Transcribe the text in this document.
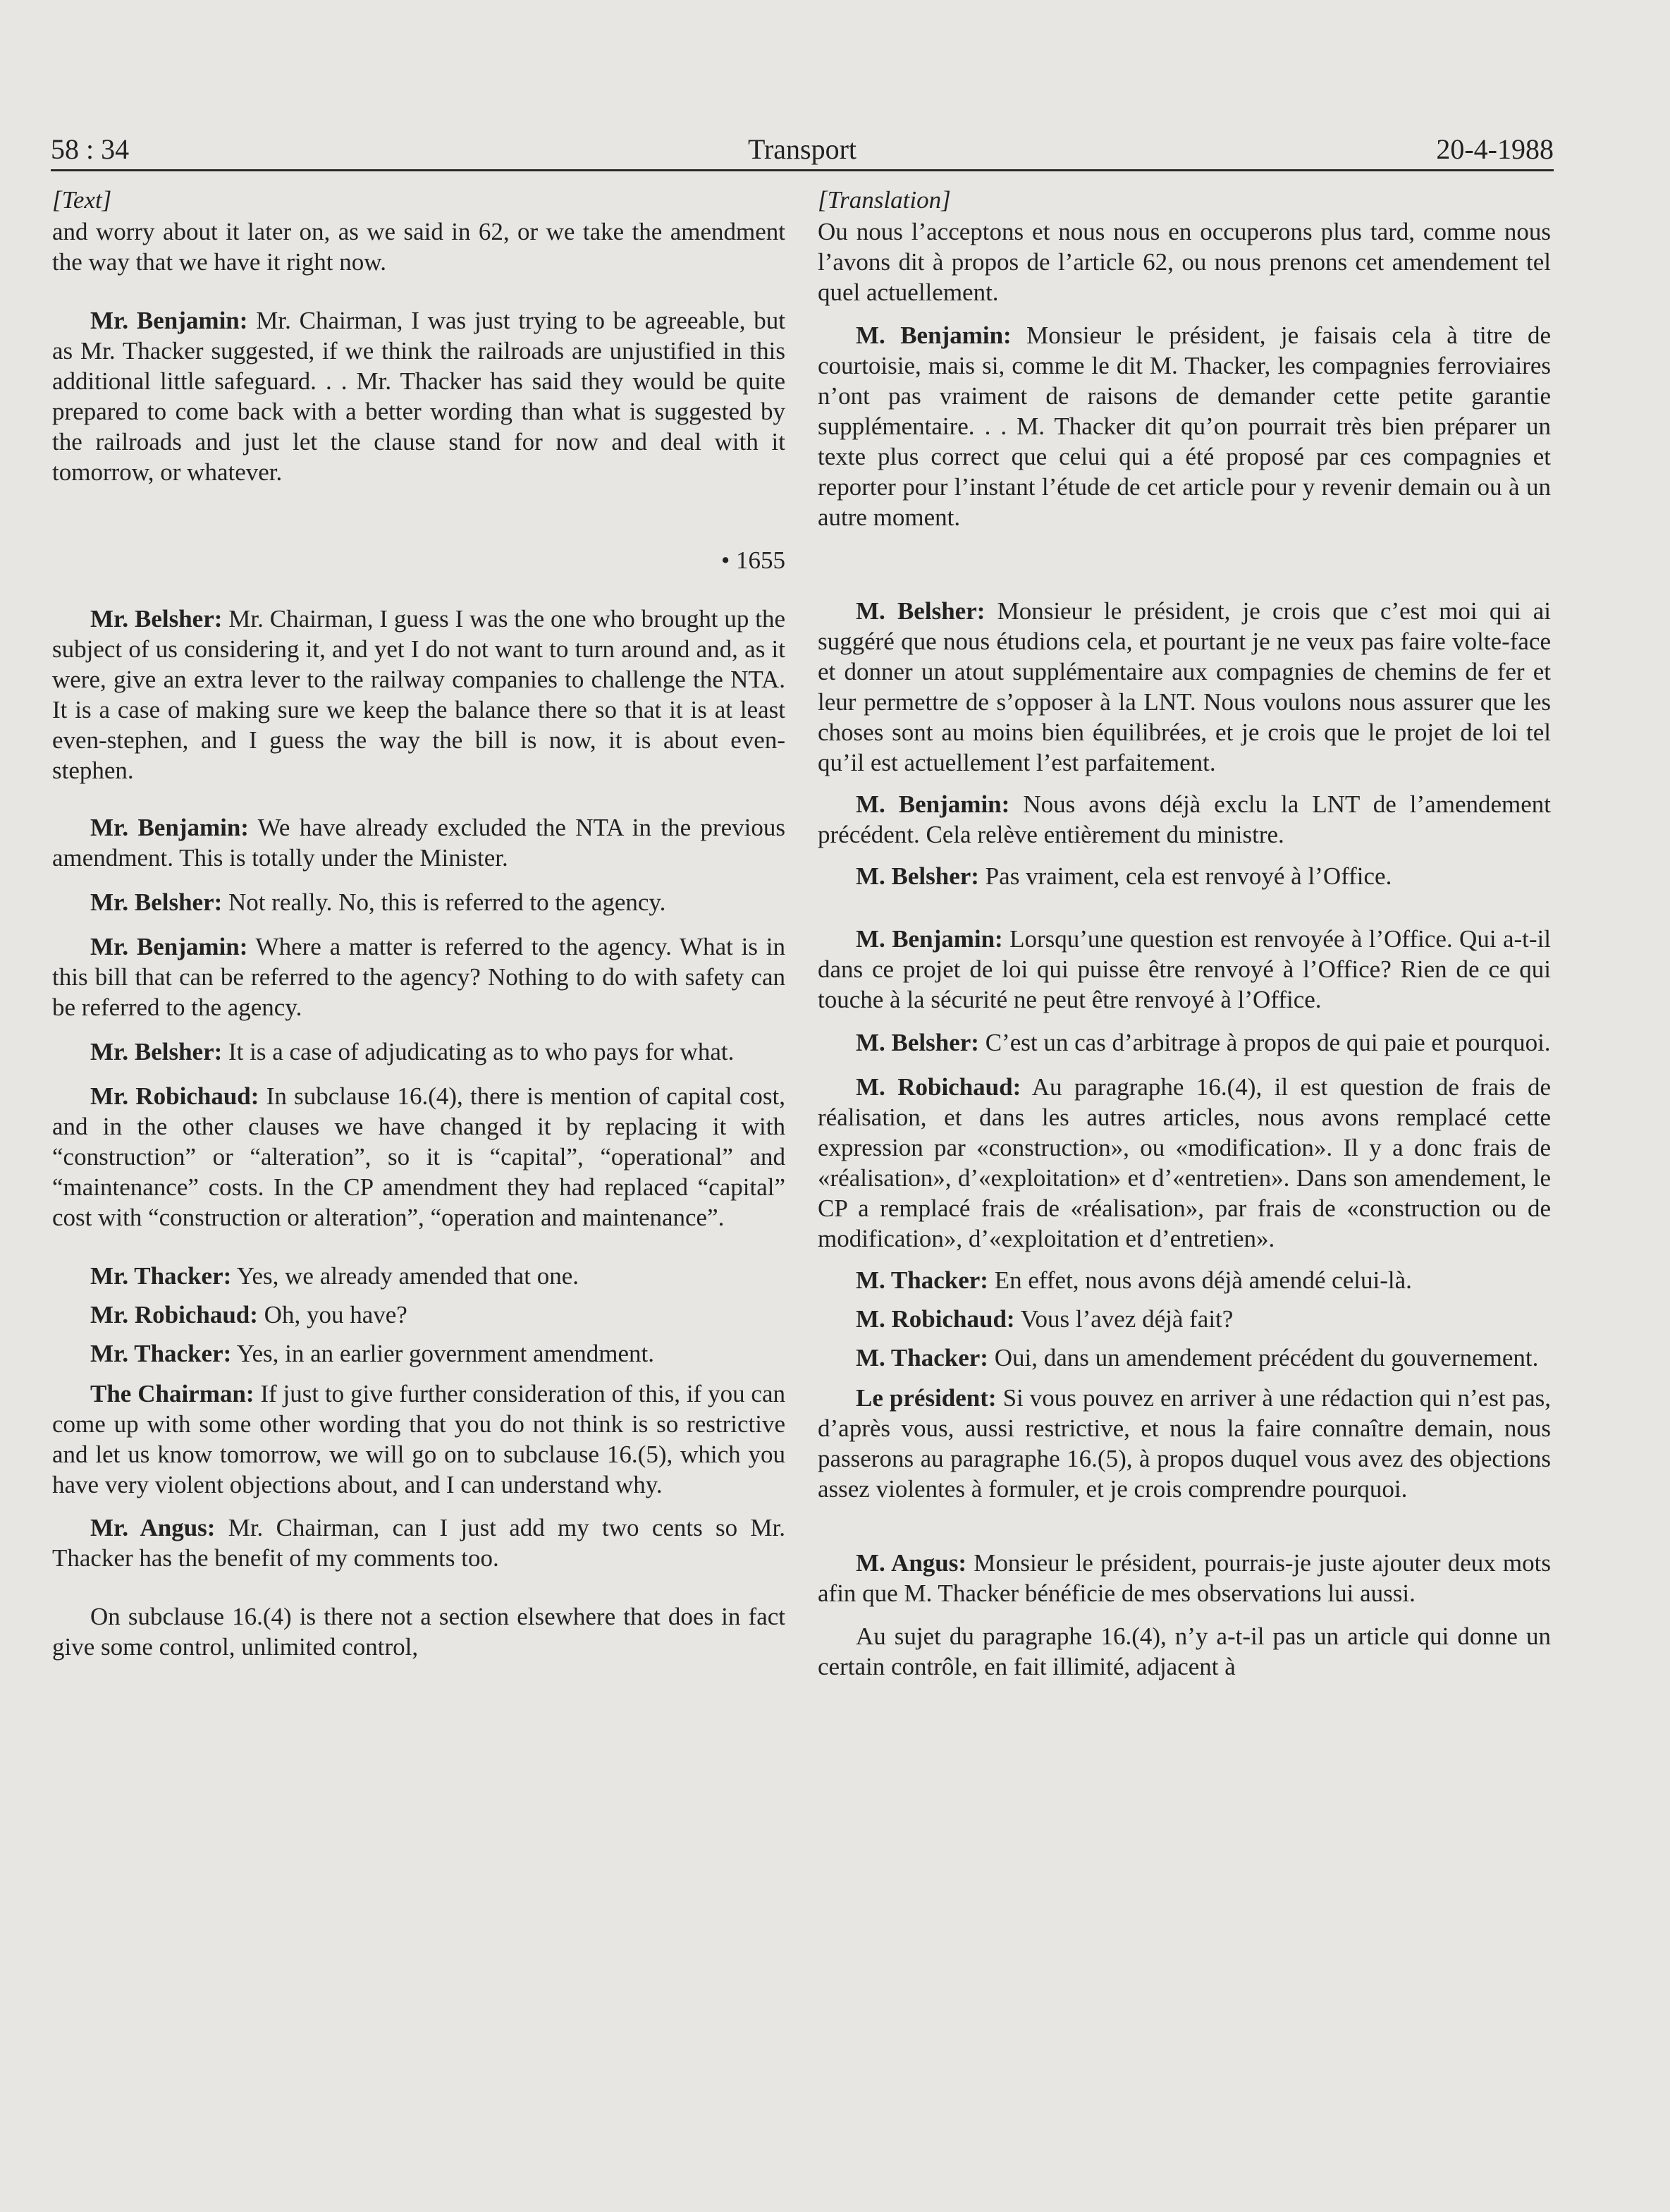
58 : 34	Transport	20-4-1988
[Text]

and worry about it later on, as we said in 62, or we take the amendment the way that we have it right now.

Mr. Benjamin: Mr. Chairman, I was just trying to be agreeable, but as Mr. Thacker suggested, if we think the railroads are unjustified in this additional little safeguard. . . Mr. Thacker has said they would be quite prepared to come back with a better wording than what is suggested by the railroads and just let the clause stand for now and deal with it tomorrow, or whatever.

• 1655

Mr. Belsher: Mr. Chairman, I guess I was the one who brought up the subject of us considering it, and yet I do not want to turn around and, as it were, give an extra lever to the railway companies to challenge the NTA. It is a case of making sure we keep the balance there so that it is at least even-stephen, and I guess the way the bill is now, it is about even-stephen.

Mr. Benjamin: We have already excluded the NTA in the previous amendment. This is totally under the Minister.

Mr. Belsher: Not really. No, this is referred to the agency.

Mr. Benjamin: Where a matter is referred to the agency. What is in this bill that can be referred to the agency? Nothing to do with safety can be referred to the agency.

Mr. Belsher: It is a case of adjudicating as to who pays for what.

Mr. Robichaud: In subclause 16.(4), there is mention of capital cost, and in the other clauses we have changed it by replacing it with “construction” or “alteration”, so it is “capital”, “operational” and “maintenance” costs. In the CP amendment they had replaced “capital” cost with “construction or alteration”, “operation and maintenance”.

Mr. Thacker: Yes, we already amended that one.

Mr. Robichaud: Oh, you have?

Mr. Thacker: Yes, in an earlier government amendment.

The Chairman: If just to give further consideration of this, if you can come up with some other wording that you do not think is so restrictive and let us know tomorrow, we will go on to subclause 16.(5), which you have very violent objections about, and I can understand why.

Mr. Angus: Mr. Chairman, can I just add my two cents so Mr. Thacker has the benefit of my comments too.

On subclause 16.(4) is there not a section elsewhere that does in fact give some control, unlimited control,

[Translation]

Ou nous l’acceptons et nous nous en occuperons plus tard, comme nous l’avons dit à propos de l’article 62, ou nous prenons cet amendement tel quel actuellement.

M. Benjamin: Monsieur le président, je faisais cela à titre de courtoisie, mais si, comme le dit M. Thacker, les compagnies ferroviaires n’ont pas vraiment de raisons de demander cette petite garantie supplémentaire. . . M. Thacker dit qu’on pourrait très bien préparer un texte plus correct que celui qui a été proposé par ces compagnies et reporter pour l’instant l’étude de cet article pour y revenir demain ou à un autre moment.

M. Belsher: Monsieur le président, je crois que c’est moi qui ai suggéré que nous étudions cela, et pourtant je ne veux pas faire volte-face et donner un atout supplémentaire aux compagnies de chemins de fer et leur permettre de s’opposer à la LNT. Nous voulons nous assurer que les choses sont au moins bien équilibrées, et je crois que le projet de loi tel qu’il est actuellement l’est parfaitement.

M. Benjamin: Nous avons déjà exclu la LNT de l’amendement précédent. Cela relève entièrement du ministre.

M. Belsher: Pas vraiment, cela est renvoyé à l’Office.

M. Benjamin: Lorsqu’une question est renvoyée à l’Office. Qui a-t-il dans ce projet de loi qui puisse être renvoyé à l’Office? Rien de ce qui touche à la sécurité ne peut être renvoyé à l’Office.

M. Belsher: C’est un cas d’arbitrage à propos de qui paie et pourquoi.

M. Robichaud: Au paragraphe 16.(4), il est question de frais de réalisation, et dans les autres articles, nous avons remplacé cette expression par «construction», ou «modification». Il y a donc frais de «réalisation», d’«exploitation» et d’«entretien». Dans son amendement, le CP a remplacé frais de «réalisation», par frais de «construction ou de modification», d’«exploitation et d’entretien».

M. Thacker: En effet, nous avons déjà amendé celui-là.

M. Robichaud: Vous l’avez déjà fait?

M. Thacker: Oui, dans un amendement précédent du gouvernement.

Le président: Si vous pouvez en arriver à une rédaction qui n’est pas, d’après vous, aussi restrictive, et nous la faire connaître demain, nous passerons au paragraphe 16.(5), à propos duquel vous avez des objections assez violentes à formuler, et je crois comprendre pourquoi.

M. Angus: Monsieur le président, pourrais-je juste ajouter deux mots afin que M. Thacker bénéficie de mes observations lui aussi.

Au sujet du paragraphe 16.(4), n’y a-t-il pas un article qui donne un certain contrôle, en fait illimité, adjacent à
